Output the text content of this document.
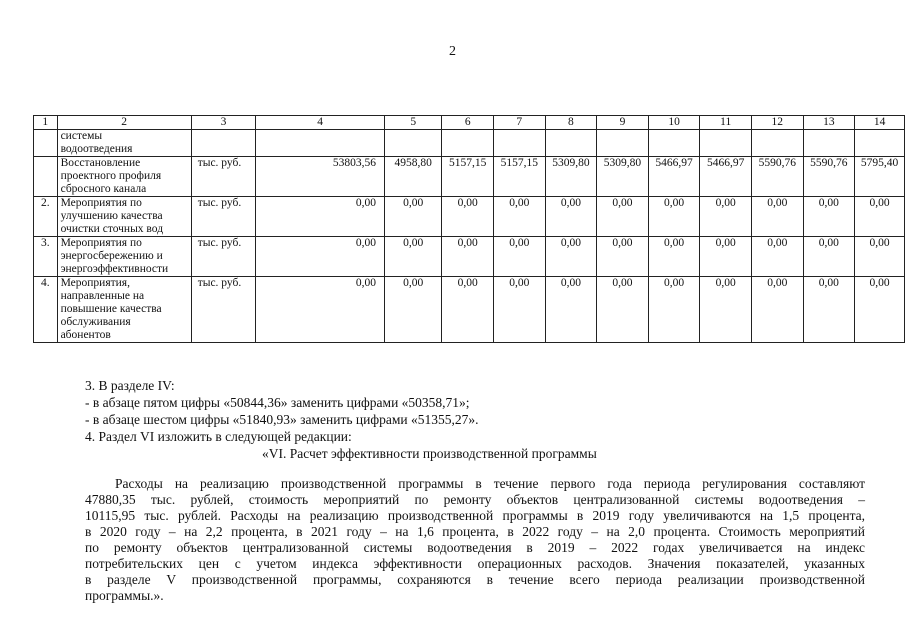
2
1	2	3	4	5	6	7	8	9	10	11	12	13	14

	системы
водоотведения												

	Восстановление
проектного профиля
сбросного канала	тыс. руб.	53803,56	4958,80	5157,15	5157,15	5309,80	5309,80	5466,97	5466,97	5590,76	5590,76	5795,40
2.	Мероприятия по
улучшению качества
очистки сточных вод	тыс. руб.	0,00	0,00	0,00	0,00	0,00	0,00	0,00	0,00	0,00	0,00	0,00
3.	Мероприятия по
энергосбережению и
энергоэффективности	тыс. руб.	0,00	0,00	0,00	0,00	0,00	0,00	0,00	0,00	0,00	0,00	0,00
4.	Мероприятия,
направленные на
повышение качества
обслуживания
абонентов	тыс. руб.	0,00	0,00	0,00	0,00	0,00	0,00	0,00	0,00	0,00	0,00	0,00
3. В разделе IV:
- в абзаце пятом цифры «50844,36» заменить цифрами «50358,71»;
- в абзаце шестом цифры «51840,93» заменить цифрами «51355,27».
4. Раздел VI изложить в следующей редакции:
«VI. Расчет эффективности производственной программы
Расходы на реализацию производственной программы в течение первого года периода регулирования составляют
47880,35 тыс. рублей, стоимость мероприятий по ремонту объектов централизованной системы водоотведения –
10115,95 тыс. рублей. Расходы на реализацию производственной программы в 2019 году увеличиваются на 1,5 процента,
в 2020 году – на 2,2 процента, в 2021 году – на 1,6 процента, в 2022 году – на 2,0 процента. Стоимость мероприятий
по ремонту объектов централизованной системы водоотведения в 2019 – 2022 годах увеличивается на индекс
потребительских цен с учетом индекса эффективности операционных расходов. Значения показателей, указанных
в разделе V производственной программы, сохраняются в течение всего периода реализации производственной
программы.».
